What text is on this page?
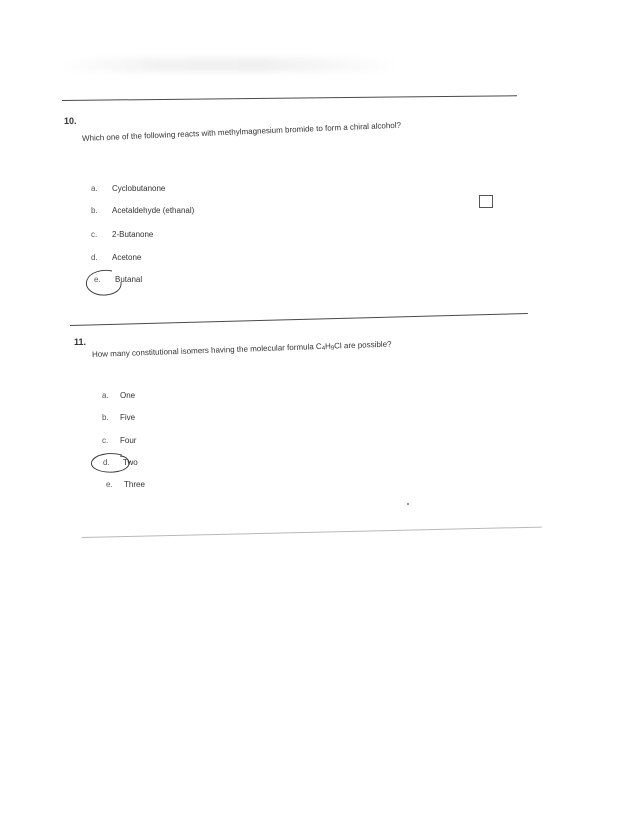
10. Which one of the following reacts with methylmagnesium bromide to form a chiral alcohol?
a. Cyclobutanone
b. Acetaldehyde (ethanal)
c. 2-Butanone
d. Acetone
e. Butanal
11. How many constitutional isomers having the molecular formula $C_4H_9Cl$ are possible?
a. One
b. Five
c. Four
d. Two
e. Three
